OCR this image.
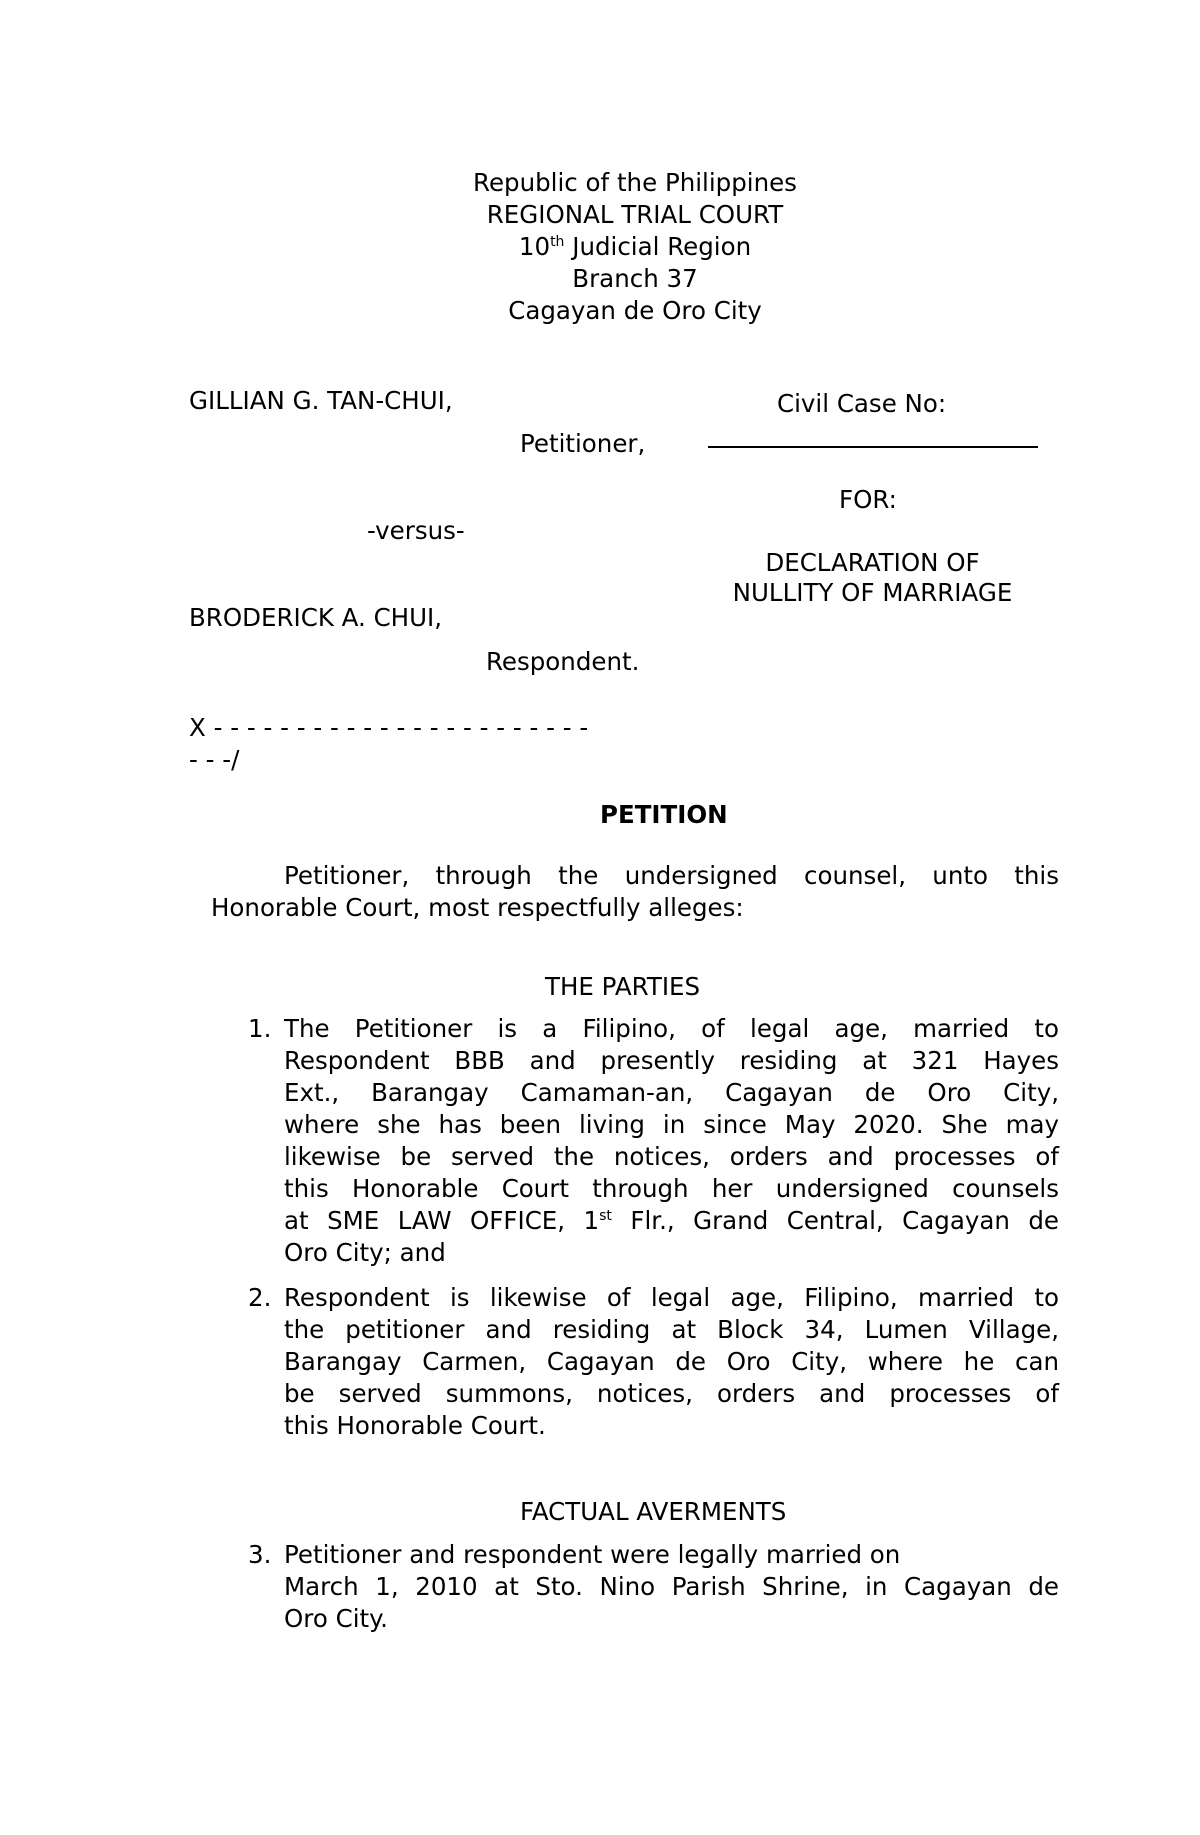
Republic of the Philippines
REGIONAL TRIAL COURT
10th Judicial Region
Branch 37
Cagayan de Oro City
GILLIAN G. TAN-CHUI,
Petitioner,
-versus-
BRODERICK A. CHUI,
Respondent.
Civil Case No:
FOR:
DECLARATION OF
NULLITY OF MARRIAGE
X - - - - - - - - - - - - - - - - - - - - - - -
- - -/
PETITION
Petitioner, through the undersigned counsel, unto this
Honorable Court, most respectfully alleges:
THE PARTIES
1. The Petitioner is a Filipino, of legal age, married to
Respondent BBB and presently residing at 321 Hayes
Ext., Barangay Camaman-an, Cagayan de Oro City,
where she has been living in since May 2020. She may
likewise be served the notices, orders and processes of
this Honorable Court through her undersigned counsels
at SME LAW OFFICE, 1st Flr., Grand Central, Cagayan de
Oro City; and
2. Respondent is likewise of legal age, Filipino, married to
the petitioner and residing at Block 34, Lumen Village,
Barangay Carmen, Cagayan de Oro City, where he can
be served summons, notices, orders and processes of
this Honorable Court.
FACTUAL AVERMENTS
3. Petitioner and respondent were legally married on
March 1, 2010 at Sto. Nino Parish Shrine, in Cagayan de
Oro City.
